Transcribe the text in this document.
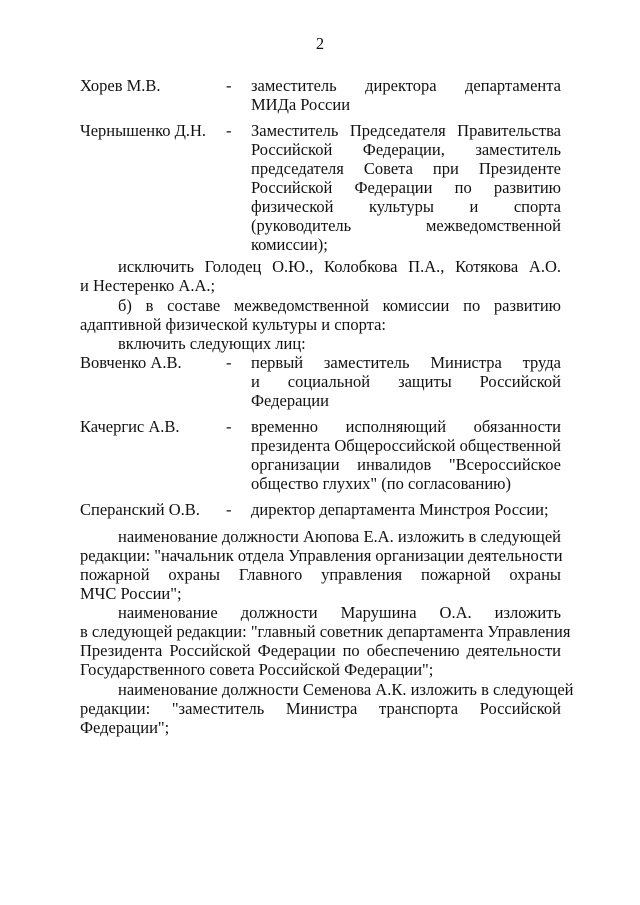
2
Хорев М.В.	- заместитель директора департамента
МИДа России
Чернышенко Д.Н. - Заместитель Председателя Правительства
Российской Федерации, заместитель
председателя Совета при Президенте
Российской Федерации по развитию
физической культуры и спорта
(руководитель межведомственной
комиссии);
исключить Голодец О.Ю., Колобкова П.А., Котякова А.О.
и Нестеренко А.А.;
б) в составе межведомственной комиссии по развитию
адаптивной физической культуры и спорта:
включить следующих лиц:
Вовченко А.В.	- первый заместитель Министра труда
и социальной защиты Российской
Федерации
Качергис А.В.	- временно исполняющий обязанности
президента Общероссийской общественной
организации инвалидов "Всероссийское
общество глухих" (по согласованию)
Сперанский О.В. - директор департамента Минстроя России;
наименование должности Аюпова Е.А. изложить в следующей
редакции: "начальник отдела Управления организации деятельности
пожарной охраны Главного управления пожарной охраны
МЧС России";
наименование должности Марушина О.А. изложить
в следующей редакции: "главный советник департамента Управления
Президента Российской Федерации по обеспечению деятельности
Государственного совета Российской Федерации";
наименование должности Семенова А.К. изложить в следующей
редакции: "заместитель Министра транспорта Российской
Федерации";
